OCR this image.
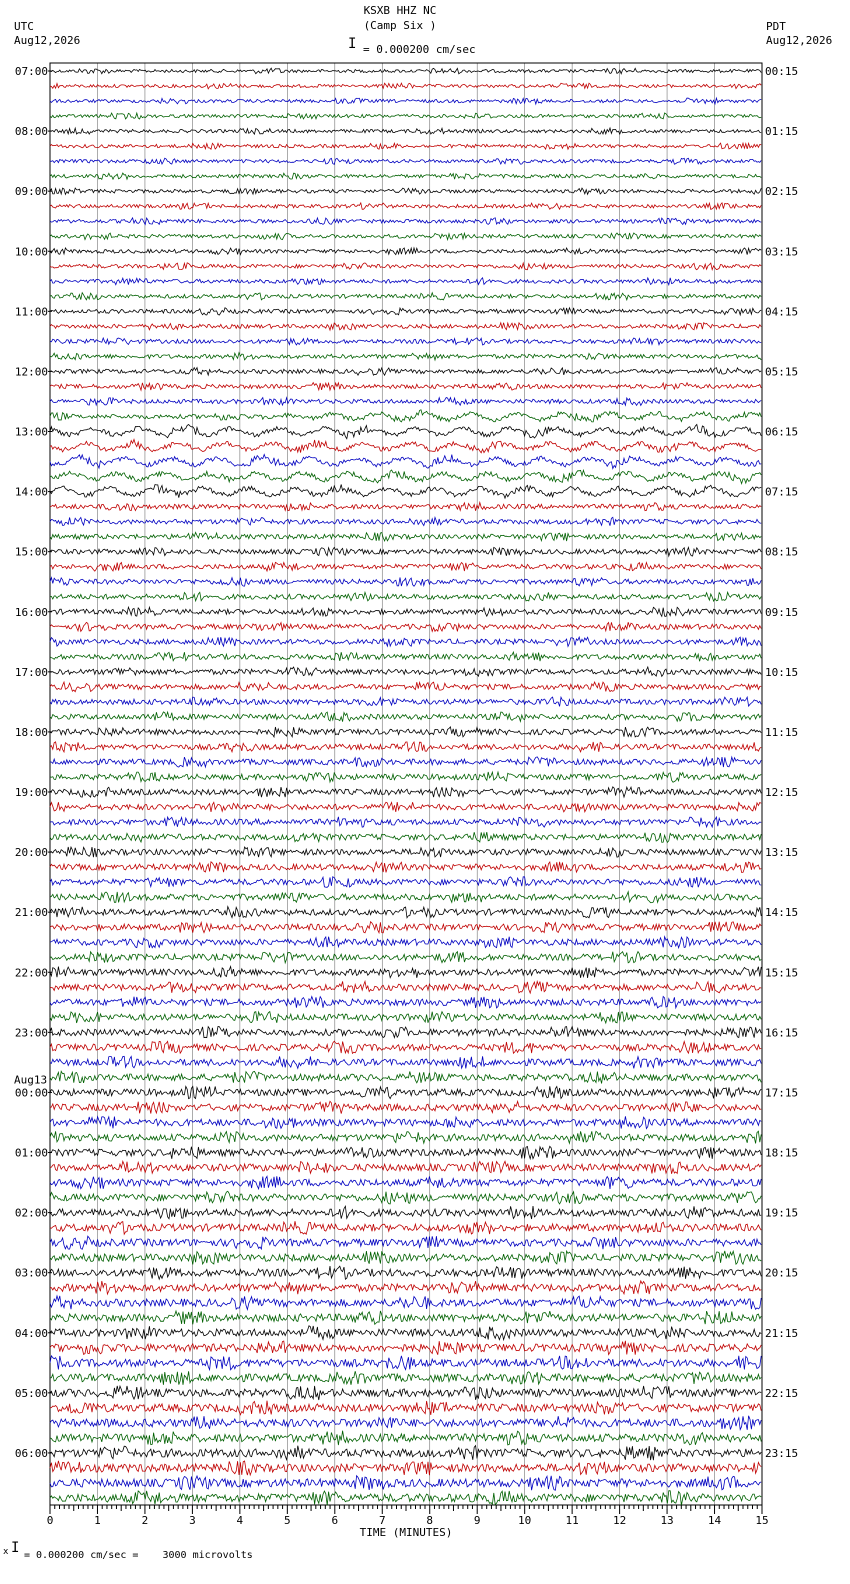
KSXB HHZ NC
(Camp Six )
UTC
Aug12,2026
PDT
Aug12,2026
I = 0.000200 cm/sec
07:00	00:15
08:00	01:15
09:00	02:15
10:00	03:15
11:00	04:15
12:00	05:15
13:00	06:15
14:00	07:15
15:00	08:15
16:00	09:15
17:00	10:15
18:00	11:15
19:00	12:15
20:00	13:15
21:00	14:15
22:00	15:15
23:00	16:15
00:00	17:15
01:00	18:15
02:00	19:15
03:00	20:15
04:00	21:15
05:00	22:15
06:00	23:15
Aug13
0	1	2	3	4	5	6	7	8	9	10	11	12	13	14	15
TIME (MINUTES)
x I = 0.000200 cm/sec =    3000 microvolts
